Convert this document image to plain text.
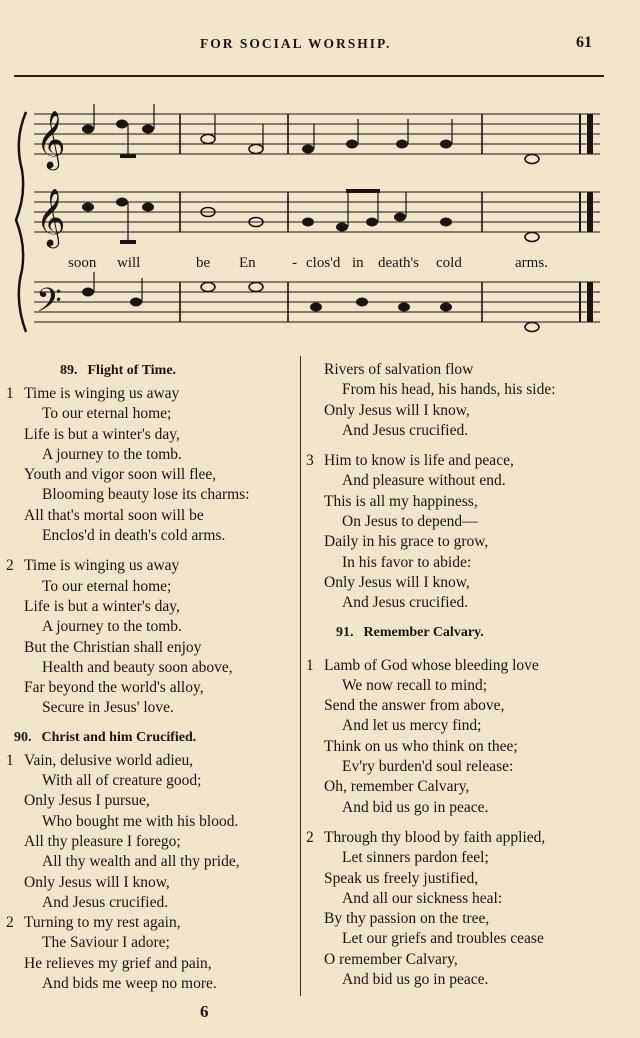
FOR SOCIAL WORSHIP.	61
𝄞
𝄞
𝄢
soon will	be En - clos'd in death's cold	arms.
89. Flight of Time.
1 Time is winging us away
To our eternal home;
Life is but a winter's day,
A journey to the tomb.
Youth and vigor soon will flee,
Blooming beauty lose its charms:
All that's mortal soon will be
Enclos'd in death's cold arms.
2 Time is winging us away
To our eternal home;
Life is but a winter's day,
A journey to the tomb.
But the Christian shall enjoy
Health and beauty soon above,
Far beyond the world's alloy,
Secure in Jesus' love.
90. Christ and him Crucified.
1 Vain, delusive world adieu,
With all of creature good;
Only Jesus I pursue,
Who bought me with his blood.
All thy pleasure I forego;
All thy wealth and all thy pride,
Only Jesus will I know,
And Jesus crucified.
2 Turning to my rest again,
The Saviour I adore;
He relieves my grief and pain,
And bids me weep no more.
Rivers of salvation flow
From his head, his hands, his side:
Only Jesus will I know,
And Jesus crucified.
3 Him to know is life and peace,
And pleasure without end.
This is all my happiness,
On Jesus to depend—
Daily in his grace to grow,
In his favor to abide:
Only Jesus will I know,
And Jesus crucified.
91. Remember Calvary.
1 Lamb of God whose bleeding love
We now recall to mind;
Send the answer from above,
And let us mercy find;
Think on us who think on thee;
Ev'ry burden'd soul release:
Oh, remember Calvary,
And bid us go in peace.
2 Through thy blood by faith applied,
Let sinners pardon feel;
Speak us freely justified,
And all our sickness heal:
By thy passion on the tree,
Let our griefs and troubles cease
O remember Calvary,
And bid us go in peace.
6
